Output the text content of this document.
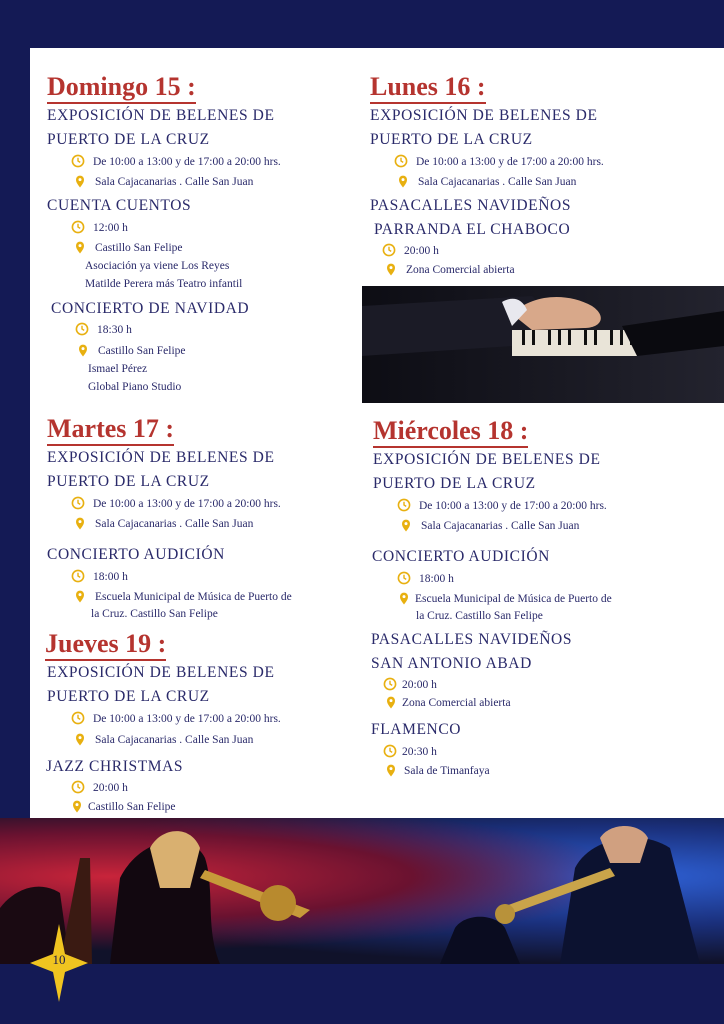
Domingo 15 :

EXPOSICIÓN DE BELENES DE

PUERTO DE LA CRUZ

De 10:00 a 13:00 y de 17:00 a 20:00 hrs.
Sala Cajacanarias . Calle San Juan

CUENTA CUENTOS

12:00 h
Castillo San Felipe
Asociación ya viene Los Reyes
Matilde Perera más Teatro infantil

CONCIERTO DE NAVIDAD

18:30 h
Castillo San Felipe
Ismael Pérez
Global Piano Studio
Lunes 16 :

EXPOSICIÓN DE BELENES DE

PUERTO DE LA CRUZ

De 10:00 a 13:00 y de 17:00 a 20:00 hrs.
Sala Cajacanarias . Calle San Juan

PASACALLES NAVIDEÑOS

PARRANDA EL CHABOCO

20:00 h
Zona Comercial abierta
Martes 17 :

EXPOSICIÓN DE BELENES DE

PUERTO DE LA CRUZ

De 10:00 a 13:00 y de 17:00 a 20:00 hrs.
Sala Cajacanarias . Calle San Juan

CONCIERTO AUDICIÓN

18:00 h
Escuela Municipal de Música de Puerto de
la Cruz. Castillo San Felipe
Jueves 19 :

EXPOSICIÓN DE BELENES DE

PUERTO DE LA CRUZ

De 10:00 a 13:00 y de 17:00 a 20:00 hrs.
Sala Cajacanarias . Calle San Juan

JAZZ CHRISTMAS

20:00 h
Castillo San Felipe
Miércoles 18 :

EXPOSICIÓN DE BELENES DE

PUERTO DE LA CRUZ

De 10:00 a 13:00 y de 17:00 a 20:00 hrs.
Sala Cajacanarias . Calle San Juan

CONCIERTO AUDICIÓN

18:00 h
Escuela Municipal de Música de Puerto de
la Cruz. Castillo San Felipe

PASACALLES NAVIDEÑOS

SAN ANTONIO ABAD

20:00 h
Zona Comercial abierta

FLAMENCO

20:30 h
Sala de Timanfaya
10
